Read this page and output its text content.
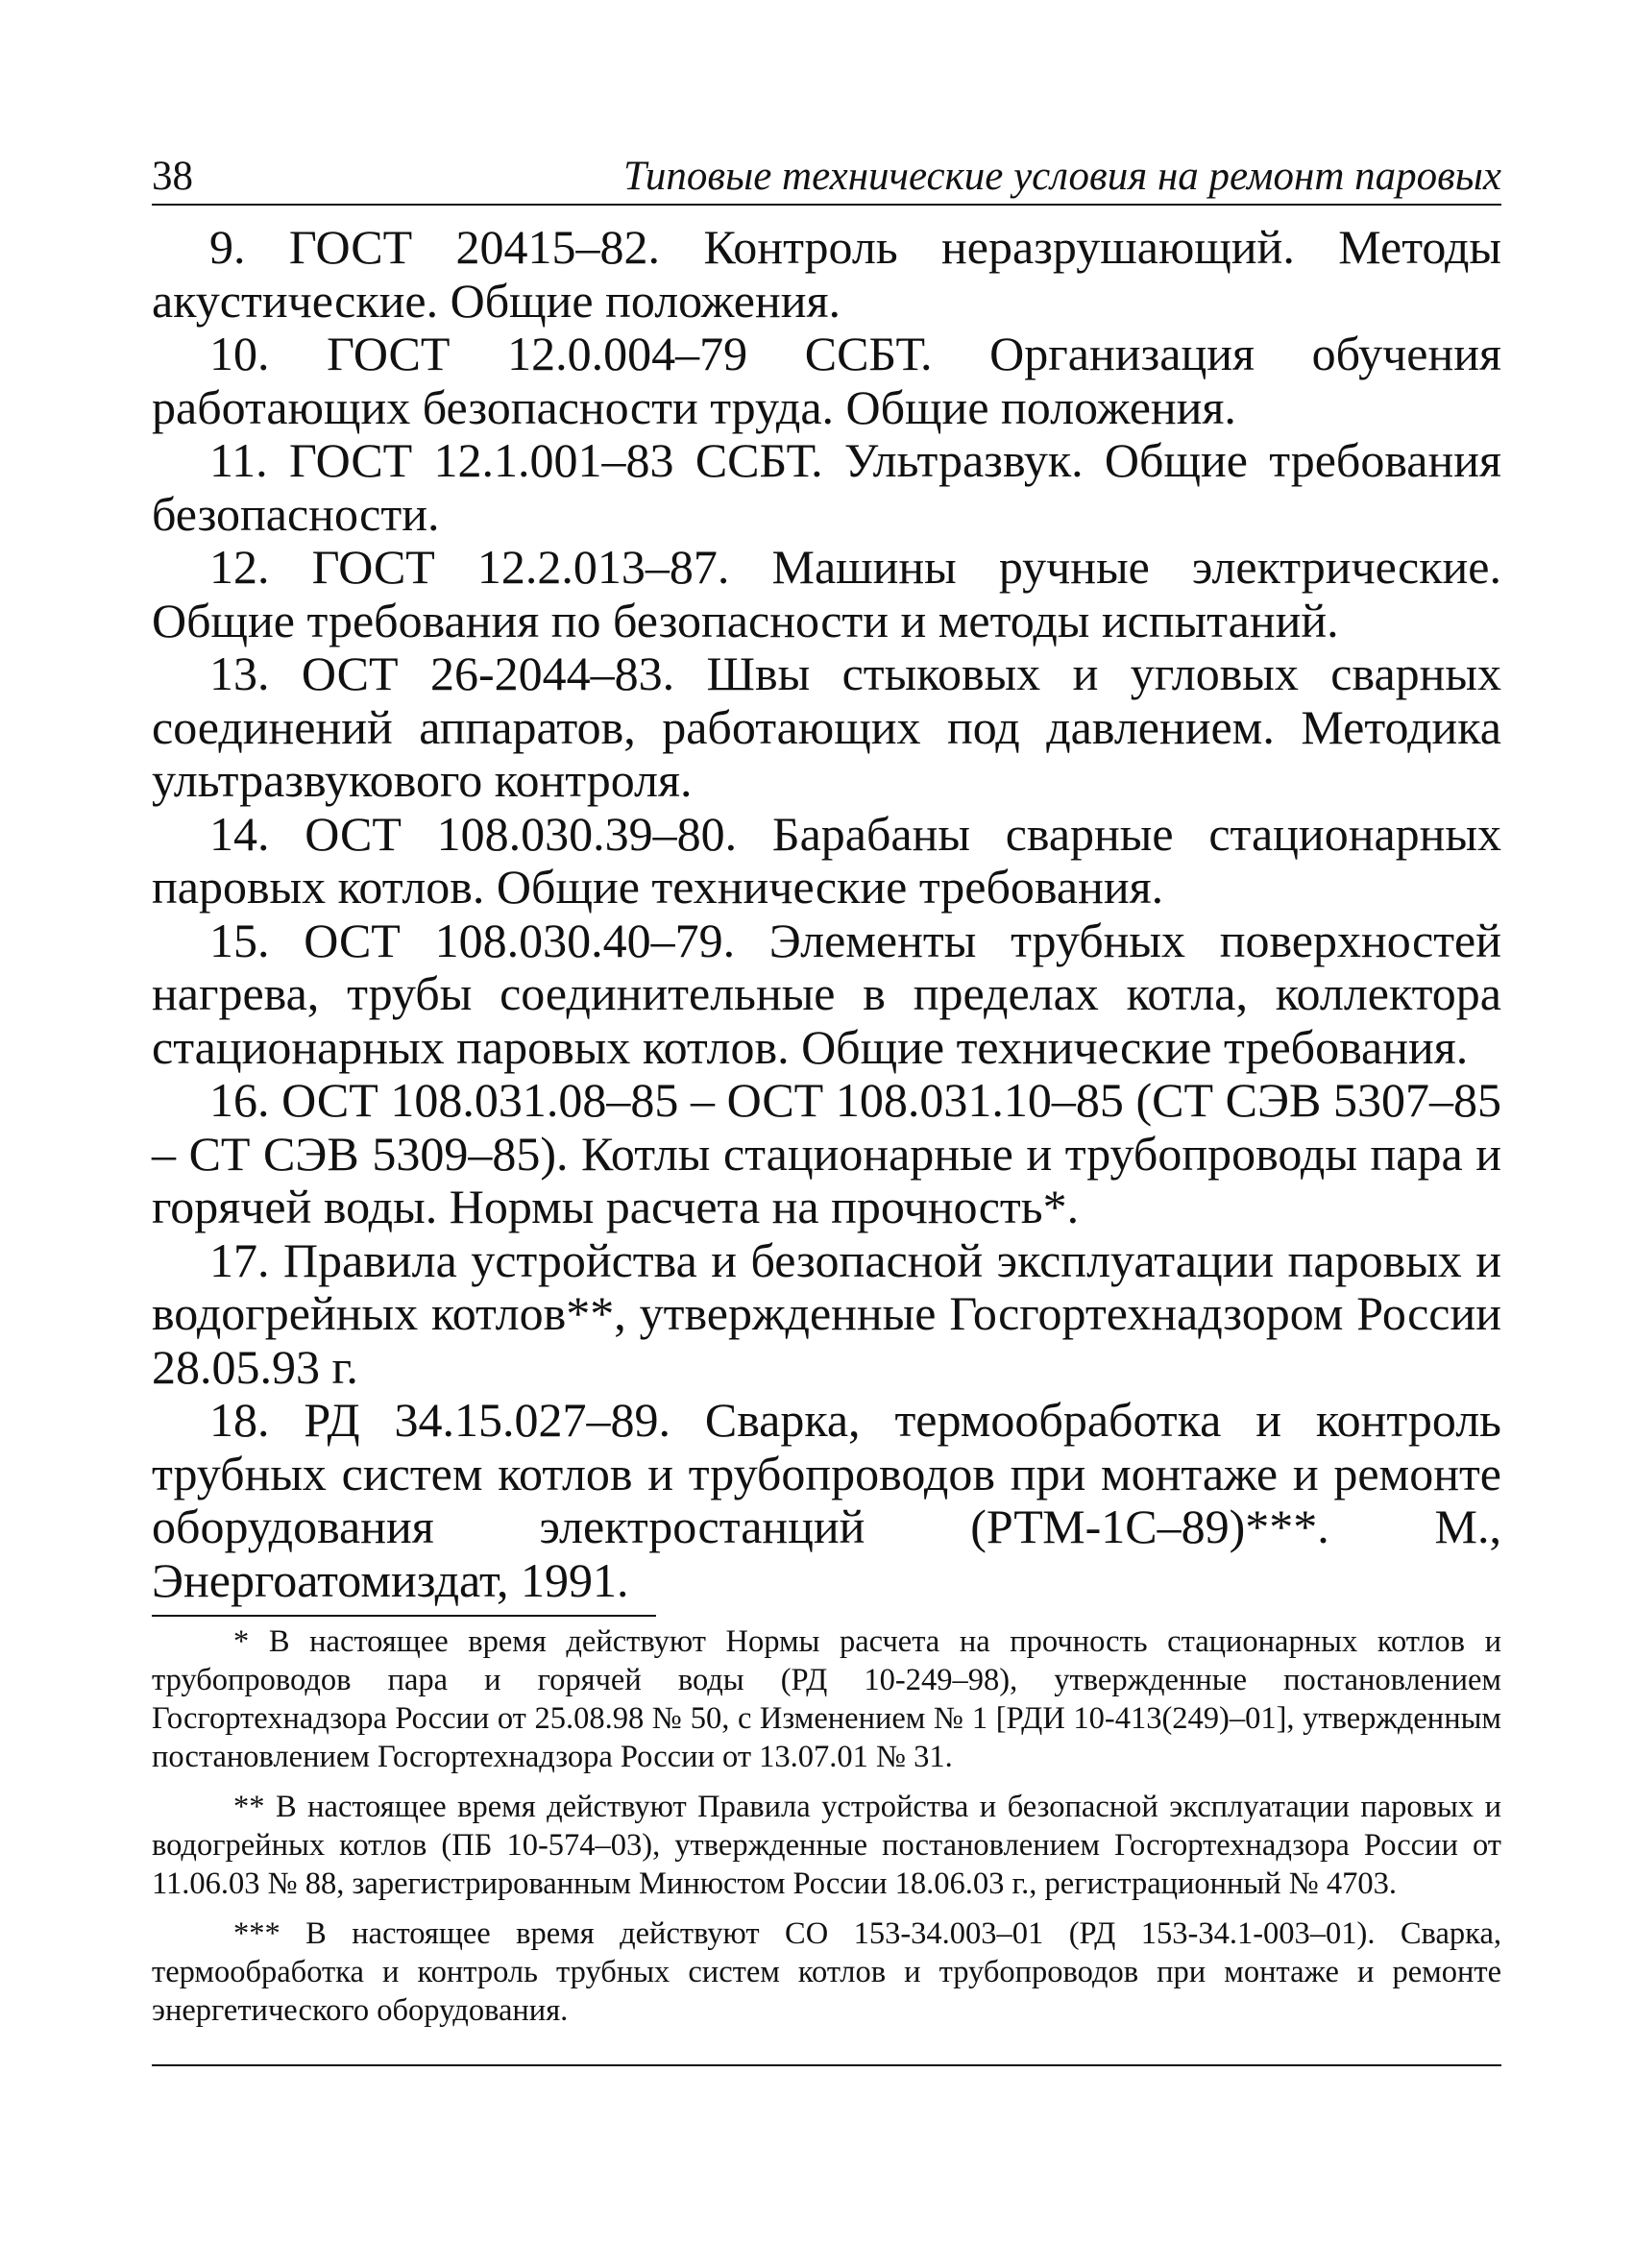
38	Типовые технические условия на ремонт паровых

9. ГОСТ 20415–82. Контроль неразрушающий. Методы акустические. Общие положения.

10. ГОСТ 12.0.004–79 ССБТ. Организация обучения работающих безопасности труда. Общие положения.

11. ГОСТ 12.1.001–83 ССБТ. Ультразвук. Общие требования безопасности.

12. ГОСТ 12.2.013–87. Машины ручные электрические. Общие требования по безопасности и методы испытаний.

13. ОСТ 26-2044–83. Швы стыковых и угловых сварных соединений аппаратов, работающих под давлением. Методика ультразвукового контроля.

14. ОСТ 108.030.39–80. Барабаны сварные стационарных паровых котлов. Общие технические требования.

15. ОСТ 108.030.40–79. Элементы трубных поверхностей нагрева, трубы соединительные в пределах котла, коллектора стационарных паровых котлов. Общие технические требования.

16. ОСТ 108.031.08–85 – ОСТ 108.031.10–85 (СТ СЭВ 5307–85 – СТ СЭВ 5309–85). Котлы стационарные и трубопроводы пара и горячей воды. Нормы расчета на прочность*.

17. Правила устройства и безопасной эксплуатации паровых и водогрейных котлов**, утвержденные Госгортехнадзором России 28.05.93 г.

18. РД 34.15.027–89. Сварка, термообработка и контроль трубных систем котлов и трубопроводов при монтаже и ремонте оборудования электростанций (РТМ-1С–89)***. М., Энергоатомиздат, 1991.

* В настоящее время действуют Нормы расчета на прочность стационарных котлов и трубопроводов пара и горячей воды (РД 10-249–98), утвержденные постановлением Госгортехнадзора России от 25.08.98 № 50, с Изменением № 1 [РДИ 10-413(249)–01], утвержденным постановлением Госгортехнадзора России от 13.07.01 № 31.

** В настоящее время действуют Правила устройства и безопасной эксплуатации паровых и водогрейных котлов (ПБ 10-574–03), утвержденные постановлением Госгортехнадзора России от 11.06.03 № 88, зарегистрированным Минюстом России 18.06.03 г., регистрационный № 4703.

*** В настоящее время действуют СО 153-34.003–01 (РД 153-34.1-003–01). Сварка, термообработка и контроль трубных систем котлов и трубопроводов при монтаже и ремонте энергетического оборудования.
